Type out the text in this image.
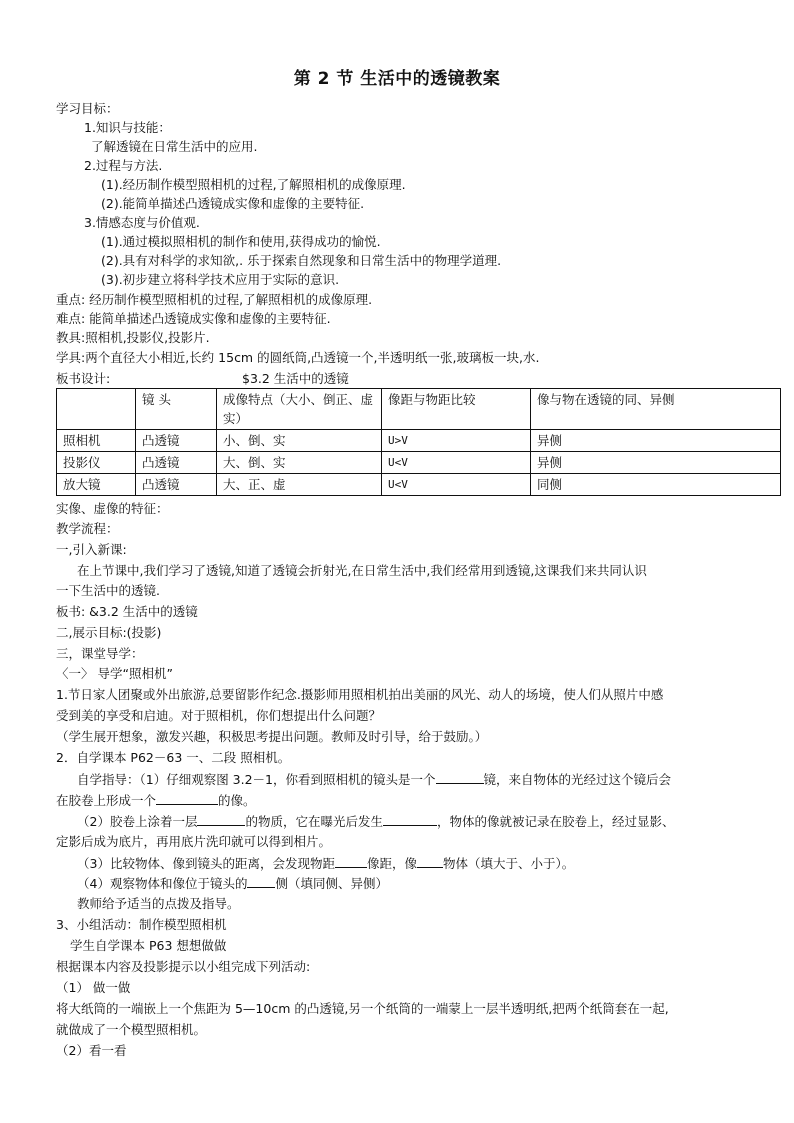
第 2 节 生活中的透镜教案
学习目标：
1.知识与技能：
了解透镜在日常生活中的应用.
2.过程与方法.
(1).经历制作模型照相机的过程,了解照相机的成像原理.
(2).能简单描述凸透镜成实像和虚像的主要特征.
3.情感态度与价值观.
(1).通过模拟照相机的制作和使用,获得成功的愉悦.
(2).具有对科学的求知欲,. 乐于探索自然现象和日常生活中的物理学道理.
(3).初步建立将科学技术应用于实际的意识.
重点: 经历制作模型照相机的过程,了解照相机的成像原理.
难点: 能简单描述凸透镜成实像和虚像的主要特征.
教具:照相机,投影仪,投影片.
学具:两个直径大小相近,长约 15cm 的圆纸筒,凸透镜一个,半透明纸一张,玻璃板一块,水.
板书设计:	$3.2 生活中的透镜
	镜 头	成像特点（大小、倒正、虚实）	像距与物距比较	像与物在透镜的同、异侧
照相机	凸透镜	小、倒、实	U>V	异侧
投影仪	凸透镜	大、倒、实	U<V	异侧
放大镜	凸透镜	大、正、虚	U<V	同侧
实像、虚像的特征：
教学流程：
一,引入新课:
在上节课中,我们学习了透镜,知道了透镜会折射光,在日常生活中,我们经常用到透镜,这课我们来共同认识
一下生活中的透镜.
板书: &3.2 生活中的透镜
二,展示目标:(投影)
三，课堂导学：
〈一〉 导学“照相机”
1.节日家人团聚或外出旅游,总要留影作纪念.摄影师用照相机拍出美丽的风光、动人的场境，使人们从照片中感
受到美的享受和启迪。对于照相机，你们想提出什么问题？
（学生展开想象，激发兴趣，积极思考提出问题。教师及时引导，给于鼓励。）
2．自学课本 P62－63 一、二段 照相机。
自学指导：（1）仔细观察图 3.2－1，你看到照相机的镜头是一个	镜，来自物体的光经过这个镜后会
在胶卷上形成一个	的像。
（2）胶卷上涂着一层	的物质，它在曝光后发生	，物体的像就被记录在胶卷上，经过显影、
定影后成为底片，再用底片洗印就可以得到相片。
（3）比较物体、像到镜头的距离，会发现物距	像距，像 物体（填大于、小于）。
（4）观察物体和像位于镜头的 侧（填同侧、异侧）
教师给予适当的点拨及指导。
3、小组活动：制作模型照相机
学生自学课本 P63 想想做做
根据课本内容及投影提示以小组完成下列活动:
（1） 做一做
将大纸筒的一端嵌上一个焦距为 5—10cm 的凸透镜,另一个纸筒的一端蒙上一层半透明纸,把两个纸筒套在一起,
就做成了一个模型照相机。
（2）看一看
